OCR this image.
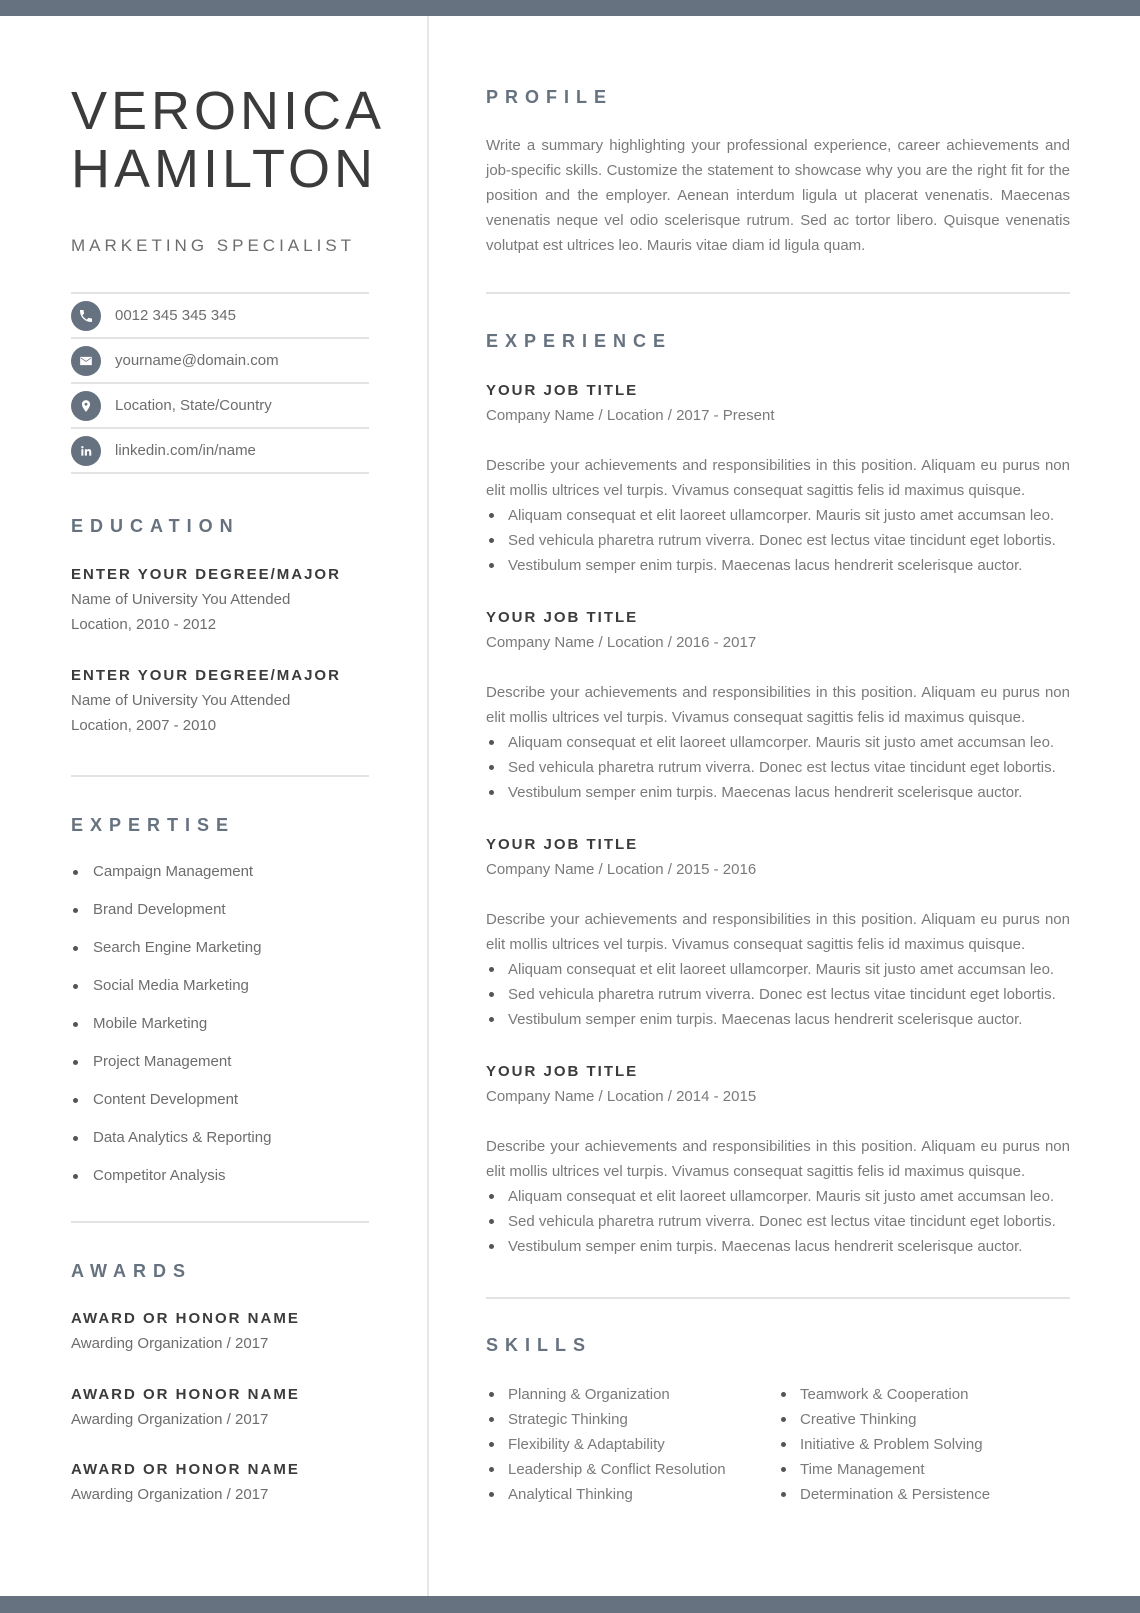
VERONICA
HAMILTON
MARKETING SPECIALIST
0012 345 345 345
yourname@domain.com
Location, State/Country
linkedin.com/in/name
EDUCATION
ENTER YOUR DEGREE/MAJOR
Name of University You Attended
Location, 2010 - 2012
ENTER YOUR DEGREE/MAJOR
Name of University You Attended
Location, 2007 - 2010
EXPERTISE
Campaign Management
Brand Development
Search Engine Marketing
Social Media Marketing
Mobile Marketing
Project Management
Content Development
Data Analytics & Reporting
Competitor Analysis
AWARDS
AWARD OR HONOR NAME
Awarding Organization / 2017
AWARD OR HONOR NAME
Awarding Organization / 2017
AWARD OR HONOR NAME
Awarding Organization / 2017
PROFILE
Write a summary highlighting your professional experience, career achievements and job-specific skills. Customize the statement to showcase why you are the right fit for the position and the employer. Aenean interdum ligula ut placerat venenatis. Maecenas venenatis neque vel odio scelerisque rutrum. Sed ac tortor libero. Quisque venenatis volutpat est ultrices leo. Mauris vitae diam id ligula quam.
EXPERIENCE
YOUR JOB TITLE
Company Name / Location / 2017 - Present
Describe your achievements and responsibilities in this position. Aliquam eu purus non elit mollis ultrices vel turpis. Vivamus consequat sagittis felis id maximus quisque.
Aliquam consequat et elit laoreet ullamcorper. Mauris sit justo amet accumsan leo.
Sed vehicula pharetra rutrum viverra. Donec est lectus vitae tincidunt eget lobortis.
Vestibulum semper enim turpis. Maecenas lacus hendrerit scelerisque auctor.
YOUR JOB TITLE
Company Name / Location / 2016 - 2017
Describe your achievements and responsibilities in this position. Aliquam eu purus non elit mollis ultrices vel turpis. Vivamus consequat sagittis felis id maximus quisque.
Aliquam consequat et elit laoreet ullamcorper. Mauris sit justo amet accumsan leo.
Sed vehicula pharetra rutrum viverra. Donec est lectus vitae tincidunt eget lobortis.
Vestibulum semper enim turpis. Maecenas lacus hendrerit scelerisque auctor.
YOUR JOB TITLE
Company Name / Location / 2015 - 2016
Describe your achievements and responsibilities in this position. Aliquam eu purus non elit mollis ultrices vel turpis. Vivamus consequat sagittis felis id maximus quisque.
Aliquam consequat et elit laoreet ullamcorper. Mauris sit justo amet accumsan leo.
Sed vehicula pharetra rutrum viverra. Donec est lectus vitae tincidunt eget lobortis.
Vestibulum semper enim turpis. Maecenas lacus hendrerit scelerisque auctor.
YOUR JOB TITLE
Company Name / Location / 2014 - 2015
Describe your achievements and responsibilities in this position. Aliquam eu purus non elit mollis ultrices vel turpis. Vivamus consequat sagittis felis id maximus quisque.
Aliquam consequat et elit laoreet ullamcorper. Mauris sit justo amet accumsan leo.
Sed vehicula pharetra rutrum viverra. Donec est lectus vitae tincidunt eget lobortis.
Vestibulum semper enim turpis. Maecenas lacus hendrerit scelerisque auctor.
SKILLS
Planning & Organization
Strategic Thinking
Flexibility & Adaptability
Leadership & Conflict Resolution
Analytical Thinking
Teamwork & Cooperation
Creative Thinking
Initiative & Problem Solving
Time Management
Determination & Persistence
